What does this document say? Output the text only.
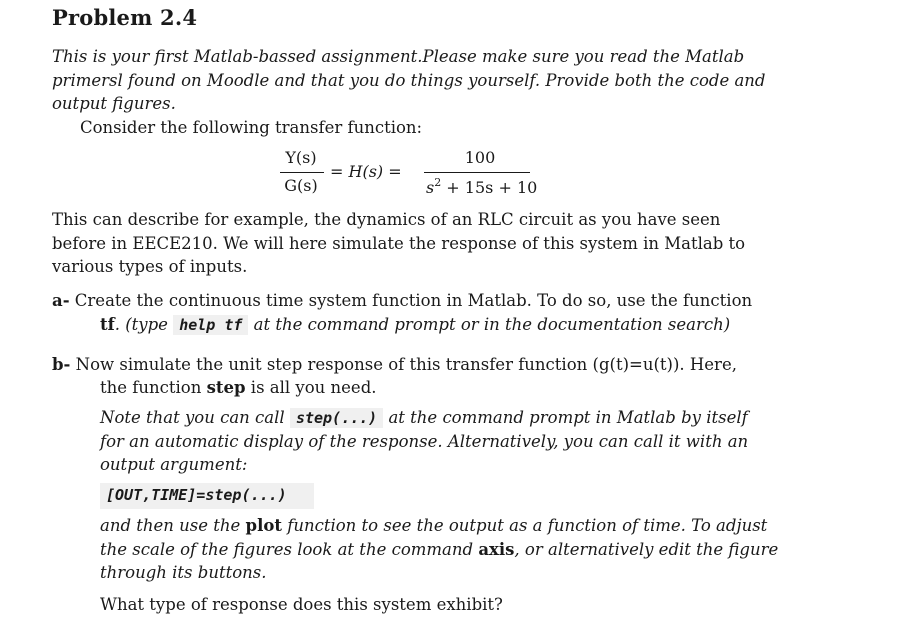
Problem 2.4
This is your first Matlab-bassed assignment.Please make sure you read the Matlab
primersl found on Moodle and that you do things yourself. Provide both the code and
output figures.
Consider the following transfer function:
Y(s)
G(s)
= H(s) =
100
$s^2 + 15s + 10$
This can describe for example, the dynamics of an RLC circuit as you have seen
before in EECE210. We will here simulate the response of this system in Matlab to
various types of inputs.
a- Create the continuous time system function in Matlab. To do so, use the function
tf. (type help tf at the command prompt or in the documentation search)
b- Now simulate the unit step response of this transfer function (g(t)=u(t)). Here,
the function step is all you need.
Note that you can call step(...) at the command prompt in Matlab by itself
for an automatic display of the response. Alternatively, you can call it with an
output argument:
[OUT,TIME]=step(...)
and then use the plot function to see the output as a function of time. To adjust
the scale of the figures look at the command axis, or alternatively edit the figure
through its buttons.
What type of response does this system exhibit?
